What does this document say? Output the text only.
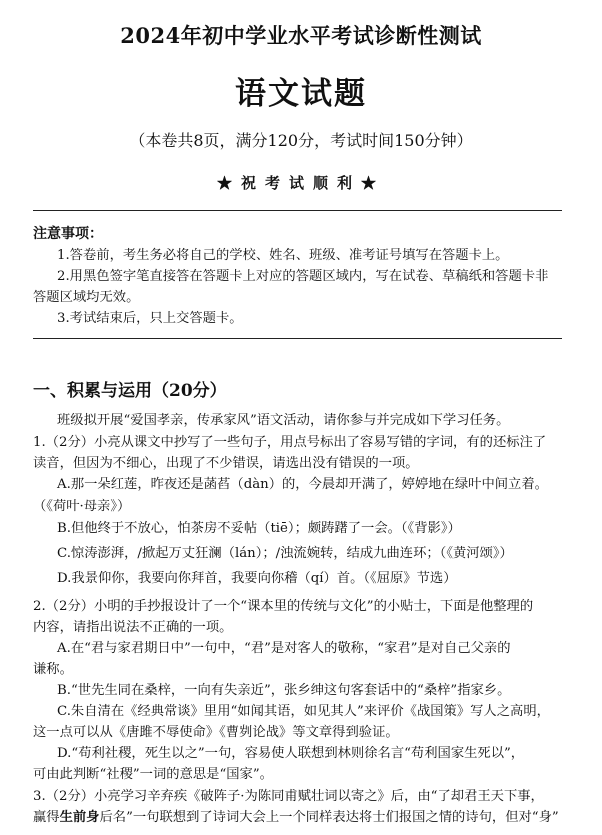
2024年初中学业水平考试诊断性测试
语文试题
（本卷共8页，满分120分，考试时间150分钟）
★祝考试顺利★
注意事项：
1.答卷前，考生务必将自己的学校、姓名、班级、准考证号填写在答题卡上。
2.用黑色签字笔直接答在答题卡上对应的答题区域内，写在试卷、草稿纸和答题卡非
答题区域均无效。
3.考试结束后，只上交答题卡。
一、积累与运用（20分）
班级拟开展“爱国孝亲，传承家风”语文活动，请你参与并完成如下学习任务。
1.（2分）小亮从课文中抄写了一些句子，用点号标出了容易写错的字词，有的还标注了
读音，但因为不细心，出现了不少错误，请选出没有错误的一项。
A.那一朵红莲，昨夜还是菡萏（dàn）的，今晨却开满了，婷婷地在绿叶中间立着。
（《荷叶·母亲》）
B.但他终于不放心，怕茶房不妥帖（tiē）；颇踌躇了一会。（《背影》）
C.惊涛澎湃，/掀起万丈狂澜（lán）；/浊流婉转，结成九曲连环；（《黄河颂》）
D.我景仰你，我要向你拜首，我要向你稽（qí）首。（《屈原》节选）
2.（2分）小明的手抄报设计了一个“课本里的传统与文化”的小贴士，下面是他整理的
内容，请指出说法不正确的一项。
A.在“君与家君期日中”一句中，“君”是对客人的敬称，“家君”是对自己父亲的
谦称。
B.“世先生同在桑梓，一向有失亲近”，张乡绅这句客套话中的“桑梓”指家乡。
C.朱自清在《经典常谈》里用“如闻其语，如见其人”来评价《战国策》写人之高明，
这一点可以从《唐雎不辱使命》《曹刿论战》等文章得到验证。
D.“苟利社稷，死生以之”一句，容易使人联想到林则徐名言“苟利国家生死以”，
可由此判断“社稷”一词的意思是“国家”。
3.（2分）小亮学习辛弃疾《破阵子·为陈同甫赋壮词以寄之》后，由“了却君王天下事，
赢得生前身后名”一句联想到了诗词大会上一个同样表达将士们报国之情的诗句，但对“身”
